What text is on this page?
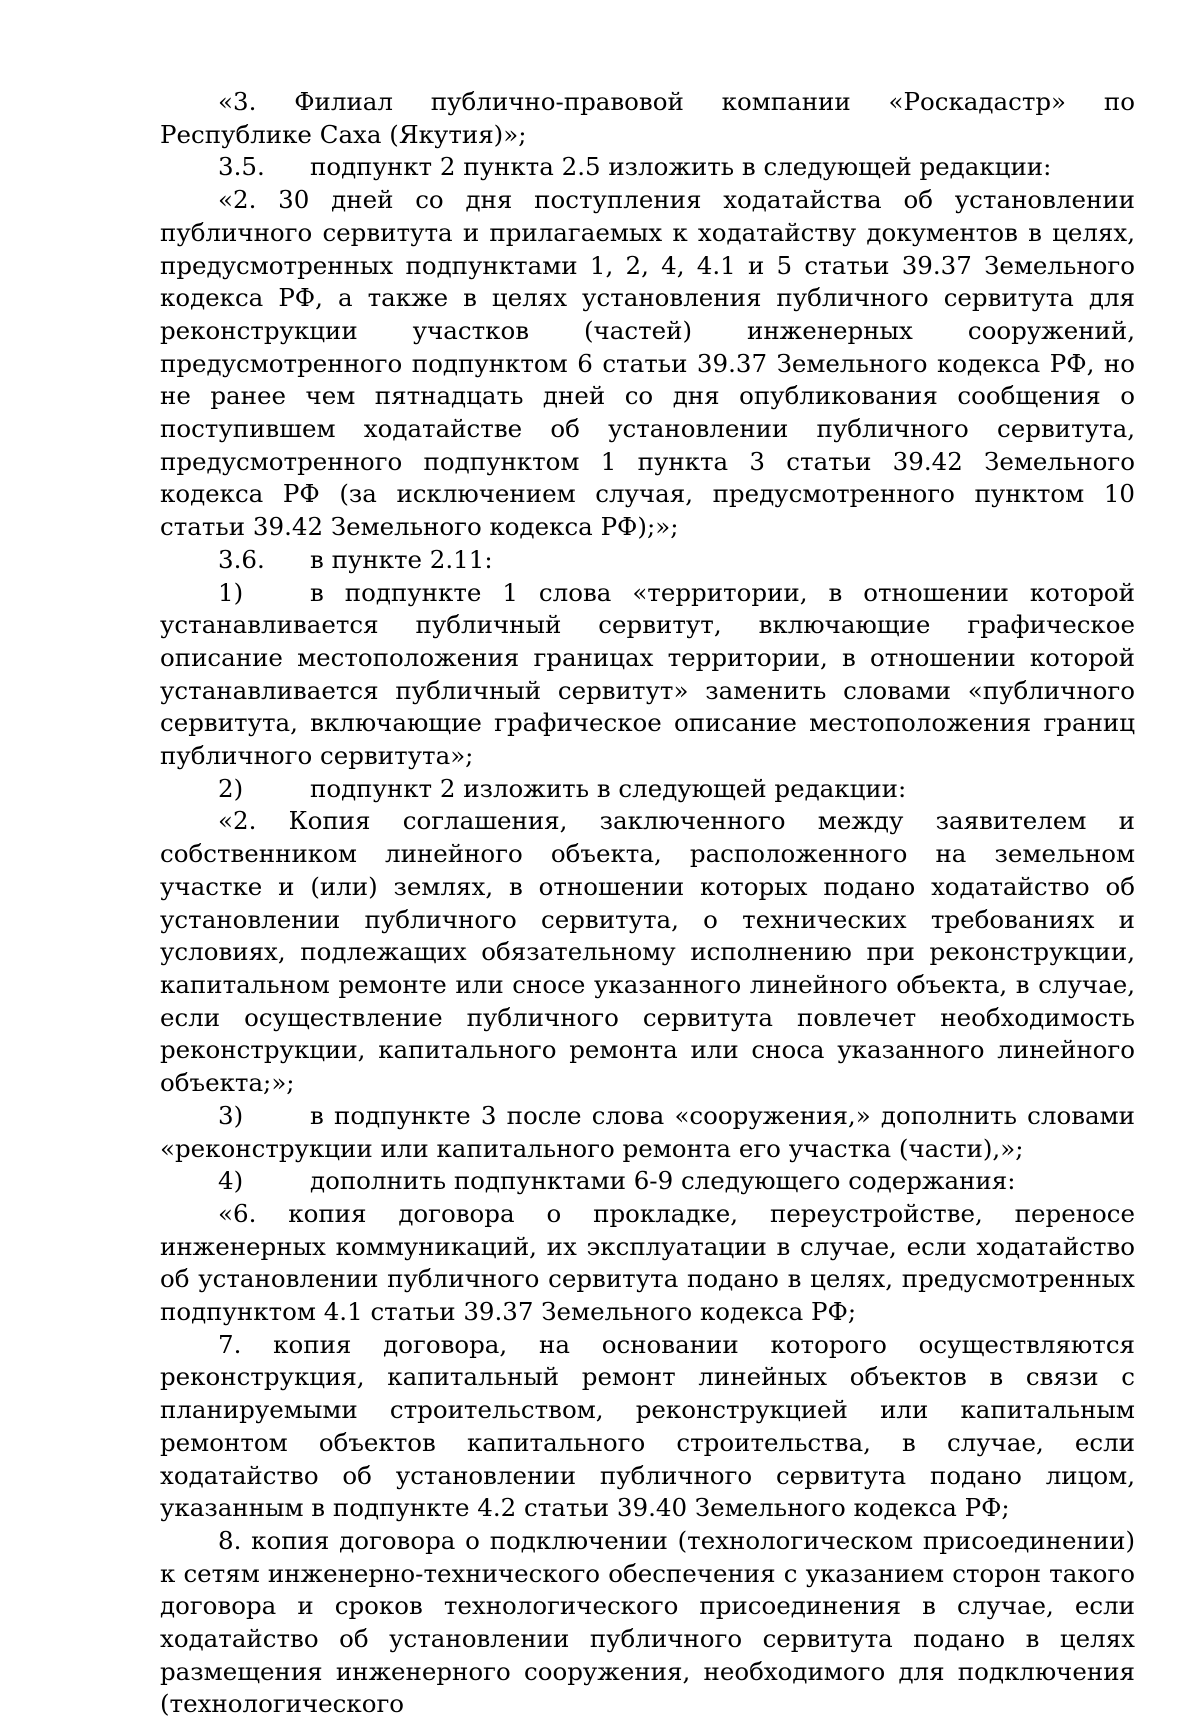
«3. Филиал публично-правовой компании «Роскадастр» по Республике Саха (Якутия)»;

3.5. подпункт 2 пункта 2.5 изложить в следующей редакции:

«2. 30 дней со дня поступления ходатайства об установлении публичного сервитута и прилагаемых к ходатайству документов в целях, предусмотренных подпунктами 1, 2, 4, 4.1 и 5 статьи 39.37 Земельного кодекса РФ, а также в целях установления публичного сервитута для реконструкции участков (частей) инженерных сооружений, предусмотренного подпунктом 6 статьи 39.37 Земельного кодекса РФ, но не ранее чем пятнадцать дней со дня опубликования сообщения о поступившем ходатайстве об установлении публичного сервитута, предусмотренного подпунктом 1 пункта 3 статьи 39.42 Земельного кодекса РФ (за исключением случая, предусмотренного пунктом 10 статьи 39.42 Земельного кодекса РФ);»;

3.6. в пункте 2.11:

1)	в подпункте 1 слова «территории, в отношении которой устанавливается публичный сервитут, включающие графическое описание местоположения границах территории, в отношении которой устанавливается публичный сервитут» заменить словами «публичного сервитута, включающие графическое описание местоположения границ публичного сервитута»;

2)	подпункт 2 изложить в следующей редакции:

«2. Копия соглашения, заключенного между заявителем и собственником линейного объекта, расположенного на земельном участке и (или) землях, в отношении которых подано ходатайство об установлении публичного сервитута, о технических требованиях и условиях, подлежащих обязательному исполнению при реконструкции, капитальном ремонте или сносе указанного линейного объекта, в случае, если осуществление публичного сервитута повлечет необходимость реконструкции, капитального ремонта или сноса указанного линейного объекта;»;

3)	в подпункте 3 после слова «сооружения,» дополнить словами «реконструкции или капитального ремонта его участка (части),»;

4)	дополнить подпунктами 6-9 следующего содержания:

«6. копия договора о прокладке, переустройстве, переносе инженерных коммуникаций, их эксплуатации в случае, если ходатайство об установлении публичного сервитута подано в целях, предусмотренных подпунктом 4.1 статьи 39.37 Земельного кодекса РФ;

7. копия договора, на основании которого осуществляются реконструкция, капитальный ремонт линейных объектов в связи с планируемыми строительством, реконструкцией или капитальным ремонтом объектов капитального строительства, в случае, если ходатайство об установлении публичного сервитута подано лицом, указанным в подпункте 4.2 статьи 39.40 Земельного кодекса РФ;

8. копия договора о подключении (технологическом присоединении) к сетям инженерно-технического обеспечения с указанием сторон такого договора и сроков технологического присоединения в случае, если ходатайство об установлении публичного сервитута подано в целях размещения инженерного сооружения, необходимого для подключения (технологического
